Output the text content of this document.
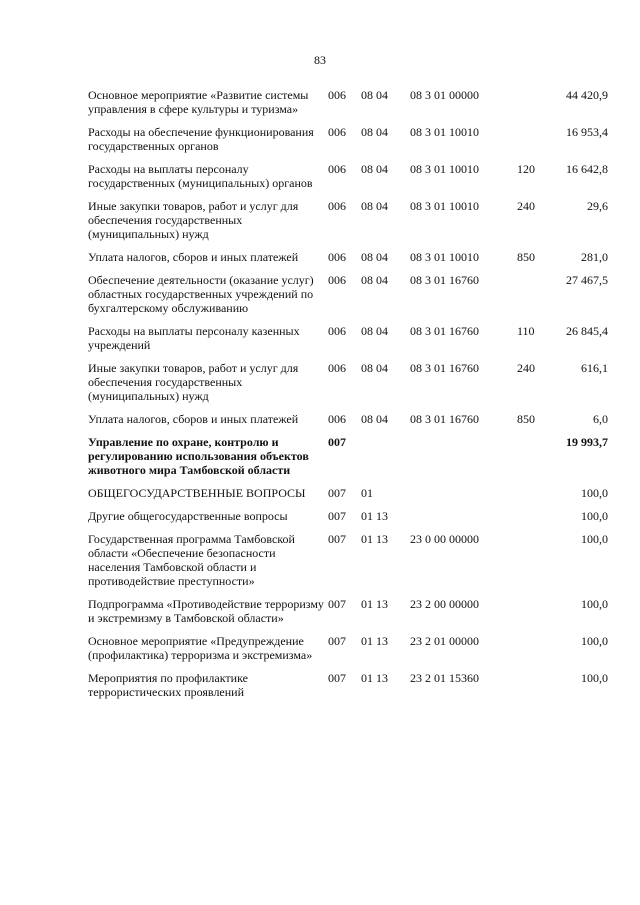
83
Основное мероприятие «Развитие системы управления в сфере культуры и туризма»	006	08 04	08 3 01 00000		44 420,9
Расходы на обеспечение функционирования государственных органов	006	08 04	08 3 01 10010		16 953,4
Расходы на выплаты персоналу государственных (муниципальных) органов	006	08 04	08 3 01 10010	120	16 642,8
Иные закупки товаров, работ и услуг для обеспечения государственных (муниципальных) нужд	006	08 04	08 3 01 10010	240	29,6
Уплата налогов, сборов и иных платежей	006	08 04	08 3 01 10010	850	281,0
Обеспечение деятельности (оказание услуг) областных государственных учреждений по бухгалтерскому обслуживанию	006	08 04	08 3 01 16760		27 467,5
Расходы на выплаты персоналу казенных учреждений	006	08 04	08 3 01 16760	110	26 845,4
Иные закупки товаров, работ и услуг для обеспечения государственных (муниципальных) нужд	006	08 04	08 3 01 16760	240	616,1
Уплата налогов, сборов и иных платежей	006	08 04	08 3 01 16760	850	6,0
Управление по охране, контролю и регулированию использования объектов животного мира Тамбовской области	007				19 993,7
ОБЩЕГОСУДАРСТВЕННЫЕ ВОПРОСЫ	007	01			100,0
Другие общегосударственные вопросы	007	01 13			100,0
Государственная программа Тамбовской области «Обеспечение безопасности населения Тамбовской области и противодействие преступности»	007	01 13	23 0 00 00000		100,0
Подпрограмма «Противодействие терроризму и экстремизму в Тамбовской области»	007	01 13	23 2 00 00000		100,0
Основное мероприятие «Предупреждение (профилактика) терроризма и экстремизма»	007	01 13	23 2 01 00000		100,0
Мероприятия по профилактике террористических проявлений	007	01 13	23 2 01 15360		100,0
